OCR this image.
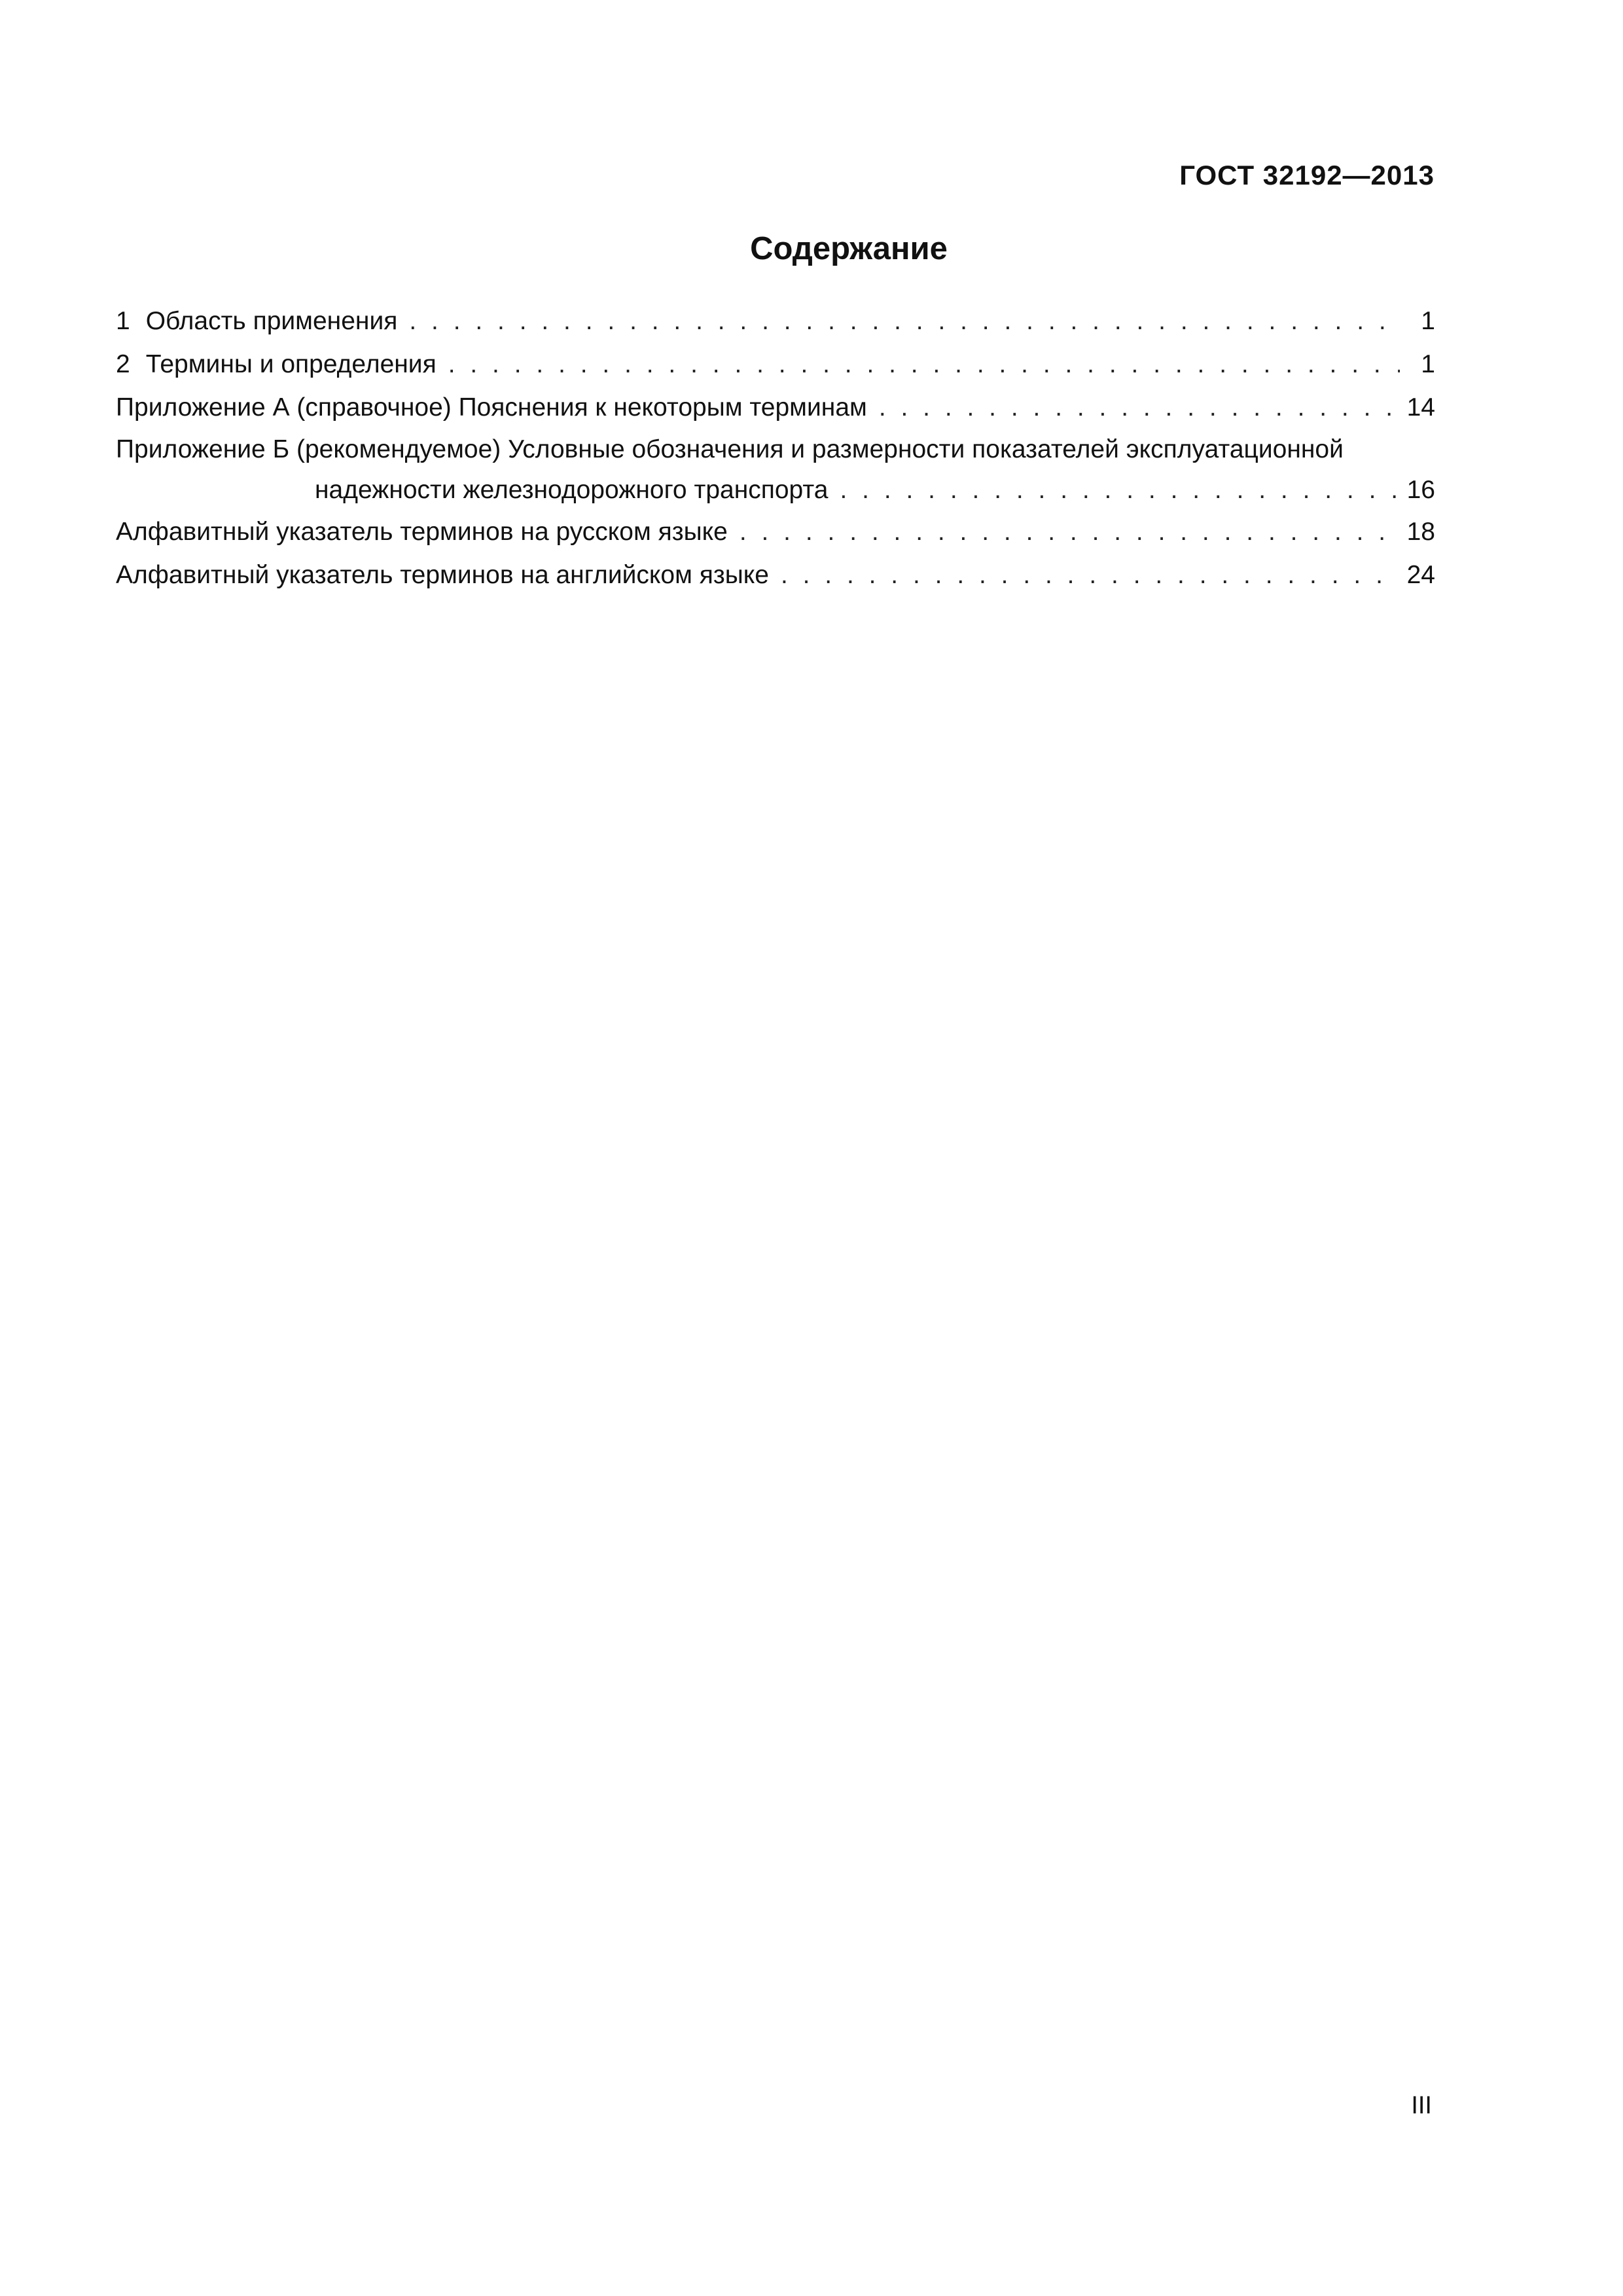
ГОСТ 32192—2013
Содержание
1 Область применения . . .	1
2 Термины и определения . . .	1
Приложение А (справочное) Пояснения к некоторым терминам . . .	14
Приложение Б (рекомендуемое) Условные обозначения и размерности показателей эксплуатационной
надежности железнодорожного транспорта . . .	16
Алфавитный указатель терминов на русском языке . . .	18
Алфавитный указатель терминов на английском языке . . .	24
III
